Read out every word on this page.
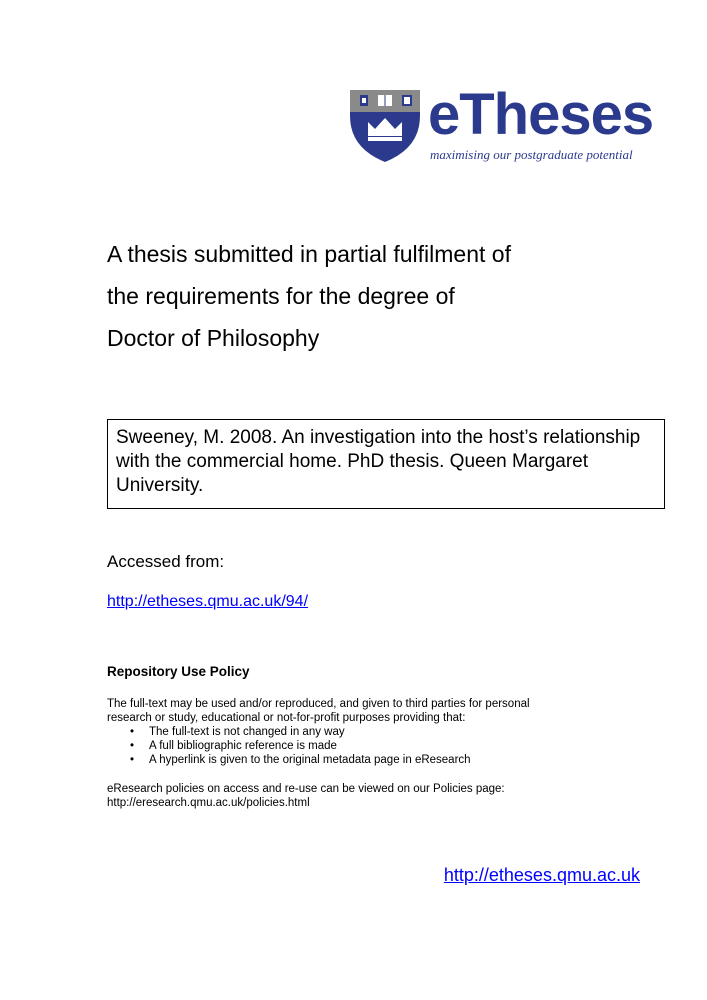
eTheses
maximising our postgraduate potential
A thesis submitted in partial fulfilment of
the requirements for the degree of
Doctor of Philosophy
Sweeney, M. 2008. An investigation into the host’s relationship
with the commercial home. PhD thesis. Queen Margaret
University.
Accessed from:
http://etheses.qmu.ac.uk/94/
Repository Use Policy
The full-text may be used and/or reproduced, and given to third parties for personal
research or study, educational or not-for-profit purposes providing that:
• The full-text is not changed in any way
• A full bibliographic reference is made
• A hyperlink is given to the original metadata page in eResearch
eResearch policies on access and re-use can be viewed on our Policies page:
http://eresearch.qmu.ac.uk/policies.html
http://etheses.qmu.ac.uk
